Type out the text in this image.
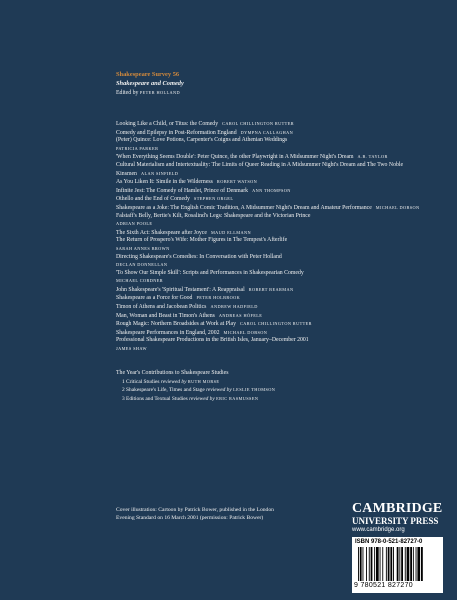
Shakespeare Survey 56
Shakespeare and Comedy
Edited by PETER HOLLAND
Looking Like a Child, or Titus: the Comedy CAROL CHILLINGTON RUTTER
Comedy and Epilepsy in Post-Reformation England DYMPNA CALLAGHAN
(Peter) Quince: Love Potions, Carpenter's Coigns and Athenian Weddings
PATRICIA PARKER
'When Everything Seems Double': Peter Quince, the other Playwright in A Midsummer Night's Dream A.B. TAYLOR
Cultural Materialism and Intertextuality: The Limits of Queer Reading in A Midsummer Night's Dream and The Two Noble Kinsmen ALAN SINFIELD
As You Liken It: Simile in the Wilderness ROBERT WATSON
Infinite Jest: The Comedy of Hamlet, Prince of Denmark ANN THOMPSON
Othello and the End of Comedy STEPHEN ORGEL
Shakespeare as a Joke: The English Comic Tradition, A Midsummer Night's Dream and Amateur Performance MICHAEL DOBSON
Falstaff's Belly, Bertie's Kilt, Rosalind's Legs: Shakespeare and the Victorian Prince
ADRIAN POOLE
The Sixth Act: Shakespeare after Joyce MAUD ELLMANN
The Return of Prospero's Wife: Mother Figures in The Tempest's Afterlife
SARAH ANNES BROWN
Directing Shakespeare's Comedies: In Conversation with Peter Holland
DECLAN DONNELLAN
'To Show Our Simple Skill': Scripts and Performances in Shakespearian Comedy
MICHAEL CORDNER
John Shakespeare's 'Spiritual Testament': A Reappraisal ROBERT BEARMAN
Shakespeare as a Force for Good PETER HOLBROOK
Timon of Athens and Jacobean Politics ANDREW HADFIELD
Man, Woman and Beast in Timon's Athens ANDREAS HÖFELE
Rough Magic: Northern Broadsides at Work at Play CAROL CHILLINGTON RUTTER
Shakespeare Performances in England, 2002 MICHAEL DOBSON
Professional Shakespeare Productions in the British Isles, January–December 2001
JAMES SHAW
The Year's Contributions to Shakespeare Studies
1 Critical Studies reviewed by RUTH MORSE
2 Shakespeare's Life, Times and Stage reviewed by LESLIE THOMSON
3 Editions and Textual Studies reviewed by ERIC RASMUSSEN
Cover illustration: Cartoon by Patrick Bower, published in the London Evening Standard on 16 March 2001 (permission: Patrick Bower)
CAMBRIDGE
UNIVERSITY PRESS
www.cambridge.org
ISBN 978-0-521-82727-0
9 780521 827270
